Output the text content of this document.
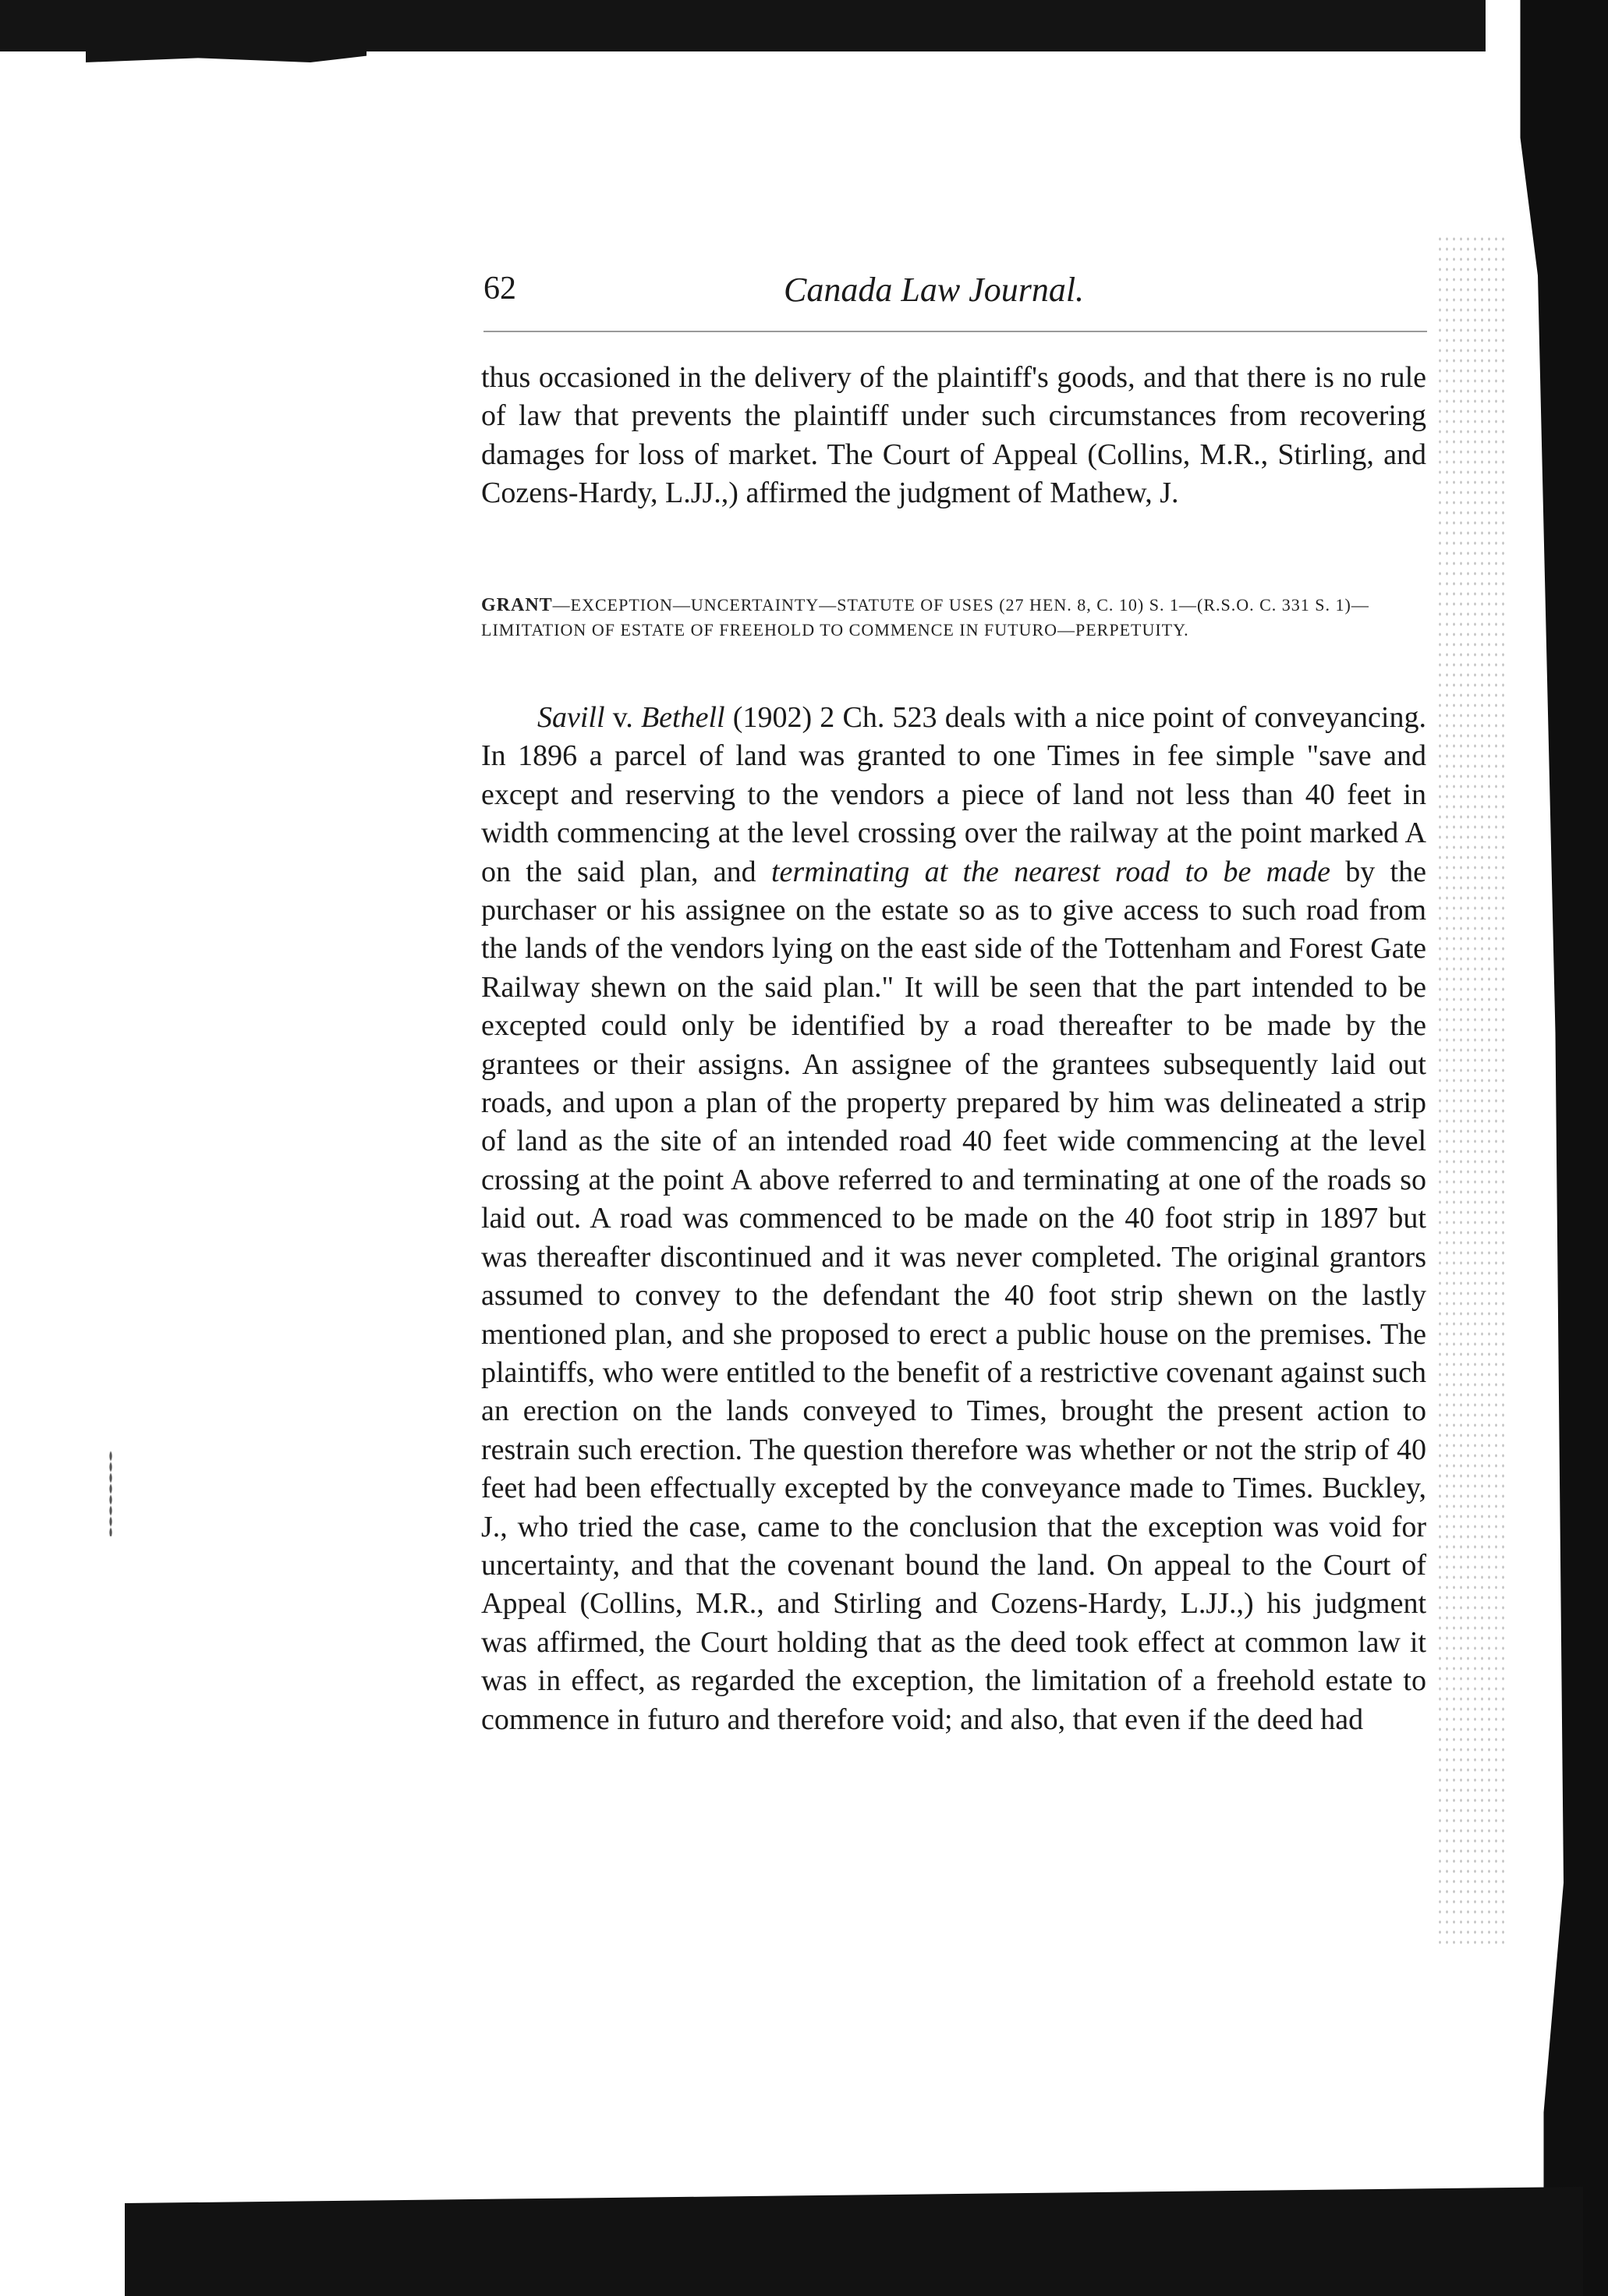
62	Canada Law Journal.

thus occasioned in the delivery of the plaintiff's goods, and that there is no rule of law that prevents the plaintiff under such circumstances from recovering damages for loss of market. The Court of Appeal (Collins, M.R., Stirling, and Cozens-Hardy, L.JJ.,) affirmed the judgment of Mathew, J.

GRANT—EXCEPTION—UNCERTAINTY—STATUTE OF USES (27 HEN. 8, C. 10) S. 1—(R.S.O. C. 331 S. 1)—LIMITATION OF ESTATE OF FREEHOLD TO COMMENCE IN FUTURO—PERPETUITY.

Savill v. Bethell (1902) 2 Ch. 523 deals with a nice point of conveyancing. In 1896 a parcel of land was granted to one Times in fee simple "save and except and reserving to the vendors a piece of land not less than 40 feet in width commencing at the level crossing over the railway at the point marked A on the said plan, and terminating at the nearest road to be made by the purchaser or his assignee on the estate so as to give access to such road from the lands of the vendors lying on the east side of the Tottenham and Forest Gate Railway shewn on the said plan." It will be seen that the part intended to be excepted could only be identified by a road thereafter to be made by the grantees or their assigns. An assignee of the grantees subsequently laid out roads, and upon a plan of the property prepared by him was delineated a strip of land as the site of an intended road 40 feet wide commencing at the level crossing at the point A above referred to and terminating at one of the roads so laid out. A road was commenced to be made on the 40 foot strip in 1897 but was thereafter discontinued and it was never completed. The original grantors assumed to convey to the defendant the 40 foot strip shewn on the lastly mentioned plan, and she proposed to erect a public house on the premises. The plaintiffs, who were entitled to the benefit of a restrictive covenant against such an erection on the lands conveyed to Times, brought the present action to restrain such erection. The question therefore was whether or not the strip of 40 feet had been effectually excepted by the conveyance made to Times. Buckley, J., who tried the case, came to the conclusion that the exception was void for uncertainty, and that the covenant bound the land. On appeal to the Court of Appeal (Collins, M.R., and Stirling and Cozens-Hardy, L.JJ.,) his judgment was affirmed, the Court holding that as the deed took effect at common law it was in effect, as regarded the exception, the limitation of a freehold estate to commence in futuro and therefore void; and also, that even if the deed had
